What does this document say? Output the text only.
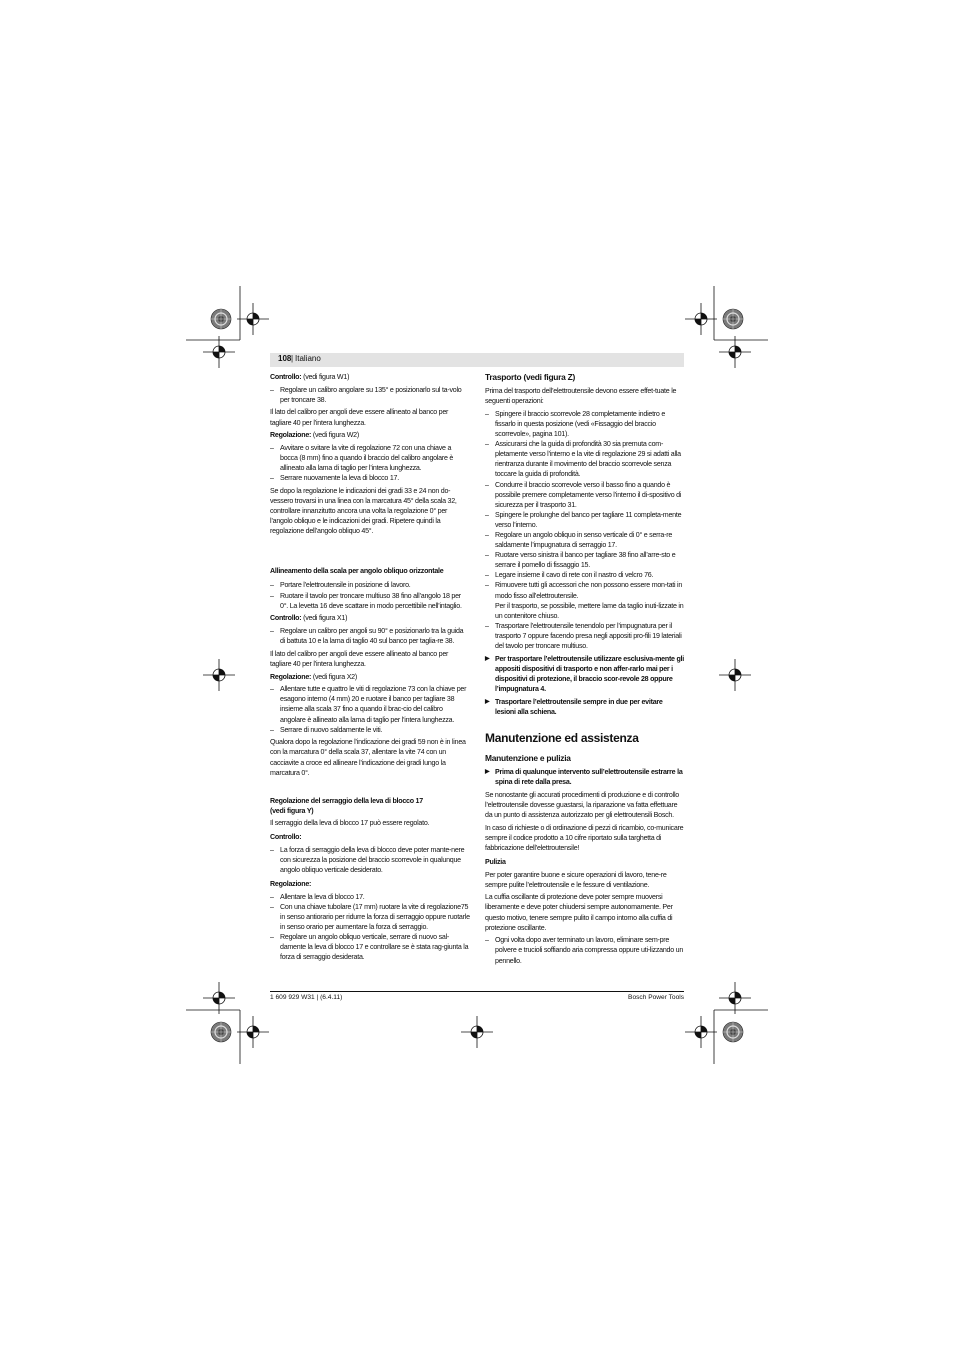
108 | Italiano

Controllo: (vedi figura W1)

– Regolare un calibro angolare su 135° e posizionarlo sul ta-volo per troncare 38.

Il lato del calibro per angoli deve essere allineato al banco per tagliare 40 per l’intera lunghezza.

Regolazione: (vedi figura W2)

– Avvitare o svitare la vite di regolazione 72 con una chiave a bocca (8 mm) fino a quando il braccio del calibro angolare è allineato alla lama di taglio per l’intera lunghezza.
– Serrare nuovamente la leva di blocco 17.

Se dopo la regolazione le indicazioni dei gradi 33 e 24 non do-vessero trovarsi in una linea con la marcatura 45° della scala 32, controllare innanzitutto ancora una volta la regolazione 0° per l’angolo obliquo e le indicazioni dei gradi. Ripetere quindi la regolazione dell’angolo obliquo 45°.

Allineamento della scala per angolo obliquo orizzontale

– Portare l’elettroutensile in posizione di lavoro.
– Ruotare il tavolo per troncare multiuso 38 fino all’angolo 18 per 0°. La levetta 16 deve scattare in modo percettibile nell’intaglio.

Controllo: (vedi figura X1)

– Regolare un calibro per angoli su 90° e posizionarlo tra la guida di battuta 10 e la lama di taglio 40 sul banco per taglia-re 38.

Il lato del calibro per angoli deve essere allineato al banco per tagliare 40 per l’intera lunghezza.

Regolazione: (vedi figura X2)

– Allentare tutte e quattro le viti di regolazione 73 con la chiave per esagono interno (4 mm) 20 e ruotare il banco per tagliare 38 insieme alla scala 37 fino a quando il brac-cio del calibro angolare è allineato alla lama di taglio per l’intera lunghezza.
– Serrare di nuovo saldamente le viti.

Qualora dopo la regolazione l’indicazione dei gradi 59 non è in linea con la marcatura 0° della scala 37, allentare la vite 74 con un cacciavite a croce ed allineare l’indicazione dei gradi lungo la marcatura 0°.

Regolazione del serraggio della leva di blocco 17
(vedi figura Y)

Il serraggio della leva di blocco 17 può essere regolato.

Controllo:

– La forza di serraggio della leva di blocco deve poter mante-nere con sicurezza la posizione del braccio scorrevole in qualunque angolo obliquo verticale desiderato.

Regolazione:

– Allentare la leva di blocco 17.
– Con una chiave tubolare (17 mm) ruotare la vite di regolazione75 in senso antiorario per ridurre la forza di serraggio oppure ruotarle in senso orario per aumentare la forza di serraggio.
– Regolare un angolo obliquo verticale, serrare di nuovo sal-damente la leva di blocco 17 e controllare se è stata rag-giunta la forza di serraggio desiderata.

Trasporto (vedi figura Z)

Prima del trasporto dell’elettroutensile devono essere effet-tuate le seguenti operazioni:

– Spingere il braccio scorrevole 28 completamente indietro e fissarlo in questa posizione (vedi «Fissaggio del braccio scorrevole», pagina 101).
– Assicurarsi che la guida di profondità 30 sia premuta com-pletamente verso l’interno e la vite di regolazione 29 si adatti alla rientranza durante il movimento del braccio scorrevole senza toccare la guida di profondità.
– Condurre il braccio scorrevole verso il basso fino a quando è possibile premere completamente verso l’interno il di-spositivo di sicurezza per il trasporto 31.
– Spingere le prolunghe del banco per tagliare 11 completa-mente verso l’interno.
– Regolare un angolo obliquo in senso verticale di 0° e serra-re saldamente l’impugnatura di serraggio 17.
– Ruotare verso sinistra il banco per tagliare 38 fino all’arre-sto e serrare il pomello di fissaggio 15.
– Legare insieme il cavo di rete con il nastro di velcro 76.
– Rimuovere tutti gli accessori che non possono essere mon-tati in modo fisso all’elettroutensile.
Per il trasporto, se possibile, mettere lame da taglio inuti-lizzate in un contenitore chiuso.
– Trasportare l’elettroutensile tenendolo per l’impugnatura per il trasporto 7 oppure facendo presa negli appositi pro-fili 19 lateriali del tavolo per troncare multiuso.

▶ Per trasportare l’elettroutensile utilizzare esclusiva-mente gli appositi dispositivi di trasporto e non affer-rarlo mai per i dispositivi di protezione, il braccio scor-revole 28 oppure l’impugnatura 4.

▶ Trasportare l’elettroutensile sempre in due per evitare lesioni alla schiena.

Manutenzione ed assistenza

Manutenzione e pulizia

▶ Prima di qualunque intervento sull’elettroutensile estrarre la spina di rete dalla presa.

Se nonostante gli accurati procedimenti di produzione e di controllo l’elettroutensile dovesse guastarsi, la riparazione va fatta effettuare da un punto di assistenza autorizzato per gli elettroutensili Bosch.

In caso di richieste o di ordinazione di pezzi di ricambio, co-municare sempre il codice prodotto a 10 cifre riportato sulla targhetta di fabbricazione dell’elettroutensile!

Pulizia

Per poter garantire buone e sicure operazioni di lavoro, tene-re sempre pulite l’elettroutensile e le fessure di ventilazione.

La cuffia oscillante di protezione deve poter sempre muoversi liberamente e deve poter chiudersi sempre autonomamente. Per questo motivo, tenere sempre pulito il campo intorno alla cuffia di protezione oscillante.

– Ogni volta dopo aver terminato un lavoro, eliminare sem-pre polvere e trucioli soffiando aria compressa oppure uti-lizzando un pennello.
1 609 929 W31 | (6.4.11)	Bosch Power Tools
